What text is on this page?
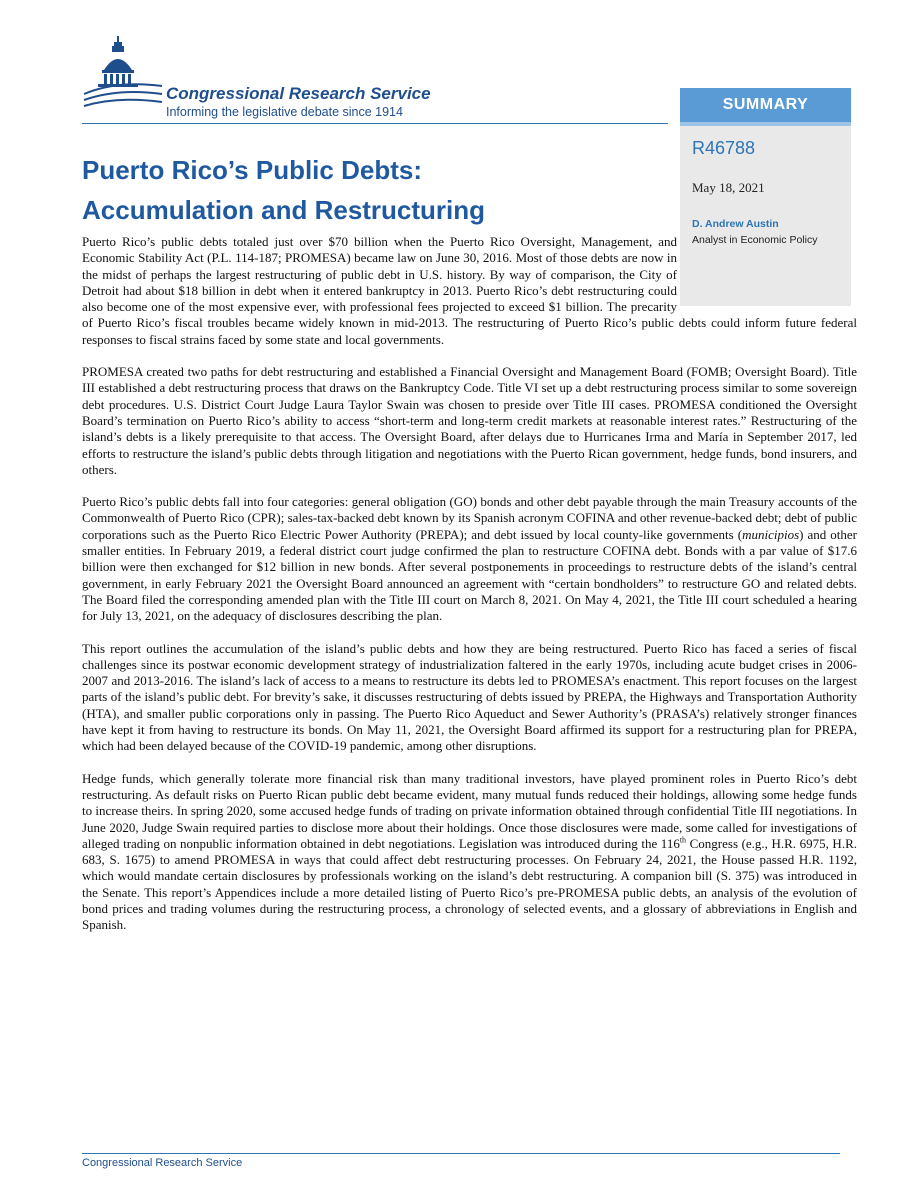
Congressional Research Service
Informing the legislative debate since 1914	SUMMARY
R46788
May 18, 2021
D. Andrew Austin
Analyst in Economic Policy
Puerto Rico’s Public Debts:
Accumulation and Restructuring

Puerto Rico’s public debts totaled just over $70 billion when the Puerto Rico Oversight, Management, and Economic Stability Act (P.L. 114-187; PROMESA) became law on June 30, 2016. Most of those debts are now in the midst of perhaps the largest restructuring of public debt in U.S. history. By way of comparison, the City of Detroit had about $18 billion in debt when it entered bankruptcy in 2013. Puerto Rico’s debt restructuring could also become one of the most expensive ever, with professional fees projected to exceed $1 billion. The precarity of Puerto Rico’s fiscal troubles became widely known in mid-2013. The restructuring of Puerto Rico’s public debts could inform future federal responses to fiscal strains faced by some state and local governments.

PROMESA created two paths for debt restructuring and established a Financial Oversight and Management Board (FOMB; Oversight Board). Title III established a debt restructuring process that draws on the Bankruptcy Code. Title VI set up a debt restructuring process similar to some sovereign debt procedures. U.S. District Court Judge Laura Taylor Swain was chosen to preside over Title III cases. PROMESA conditioned the Oversight Board’s termination on Puerto Rico’s ability to access “short-term and long-term credit markets at reasonable interest rates.” Restructuring of the island’s debts is a likely prerequisite to that access. The Oversight Board, after delays due to Hurricanes Irma and María in September 2017, led efforts to restructure the island’s public debts through litigation and negotiations with the Puerto Rican government, hedge funds, bond insurers, and others.

Puerto Rico’s public debts fall into four categories: general obligation (GO) bonds and other debt payable through the main Treasury accounts of the Commonwealth of Puerto Rico (CPR); sales-tax-backed debt known by its Spanish acronym COFINA and other revenue-backed debt; debt of public corporations such as the Puerto Rico Electric Power Authority (PREPA); and debt issued by local county-like governments (municipios) and other smaller entities. In February 2019, a federal district court judge confirmed the plan to restructure COFINA debt. Bonds with a par value of $17.6 billion were then exchanged for $12 billion in new bonds. After several postponements in proceedings to restructure debts of the island’s central government, in early February 2021 the Oversight Board announced an agreement with “certain bondholders” to restructure GO and related debts. The Board filed the corresponding amended plan with the Title III court on March 8, 2021. On May 4, 2021, the Title III court scheduled a hearing for July 13, 2021, on the adequacy of disclosures describing the plan.

This report outlines the accumulation of the island’s public debts and how they are being restructured. Puerto Rico has faced a series of fiscal challenges since its postwar economic development strategy of industrialization faltered in the early 1970s, including acute budget crises in 2006-2007 and 2013-2016. The island’s lack of access to a means to restructure its debts led to PROMESA’s enactment. This report focuses on the largest parts of the island’s public debt. For brevity’s sake, it discusses restructuring of debts issued by PREPA, the Highways and Transportation Authority (HTA), and smaller public corporations only in passing. The Puerto Rico Aqueduct and Sewer Authority’s (PRASA’s) relatively stronger finances have kept it from having to restructure its bonds. On May 11, 2021, the Oversight Board affirmed its support for a restructuring plan for PREPA, which had been delayed because of the COVID-19 pandemic, among other disruptions.

Hedge funds, which generally tolerate more financial risk than many traditional investors, have played prominent roles in Puerto Rico’s debt restructuring. As default risks on Puerto Rican public debt became evident, many mutual funds reduced their holdings, allowing some hedge funds to increase theirs. In spring 2020, some accused hedge funds of trading on private information obtained through confidential Title III negotiations. In June 2020, Judge Swain required parties to disclose more about their holdings. Once those disclosures were made, some called for investigations of alleged trading on nonpublic information obtained in debt negotiations. Legislation was introduced during the 116th Congress (e.g., H.R. 6975, H.R. 683, S. 1675) to amend PROMESA in ways that could affect debt restructuring processes. On February 24, 2021, the House passed H.R. 1192, which would mandate certain disclosures by professionals working on the island’s debt restructuring. A companion bill (S. 375) was introduced in the Senate. This report’s Appendices include a more detailed listing of Puerto Rico’s pre-PROMESA public debts, an analysis of the evolution of bond prices and trading volumes during the restructuring process, a chronology of selected events, and a glossary of abbreviations in English and Spanish.

Congressional Research Service
